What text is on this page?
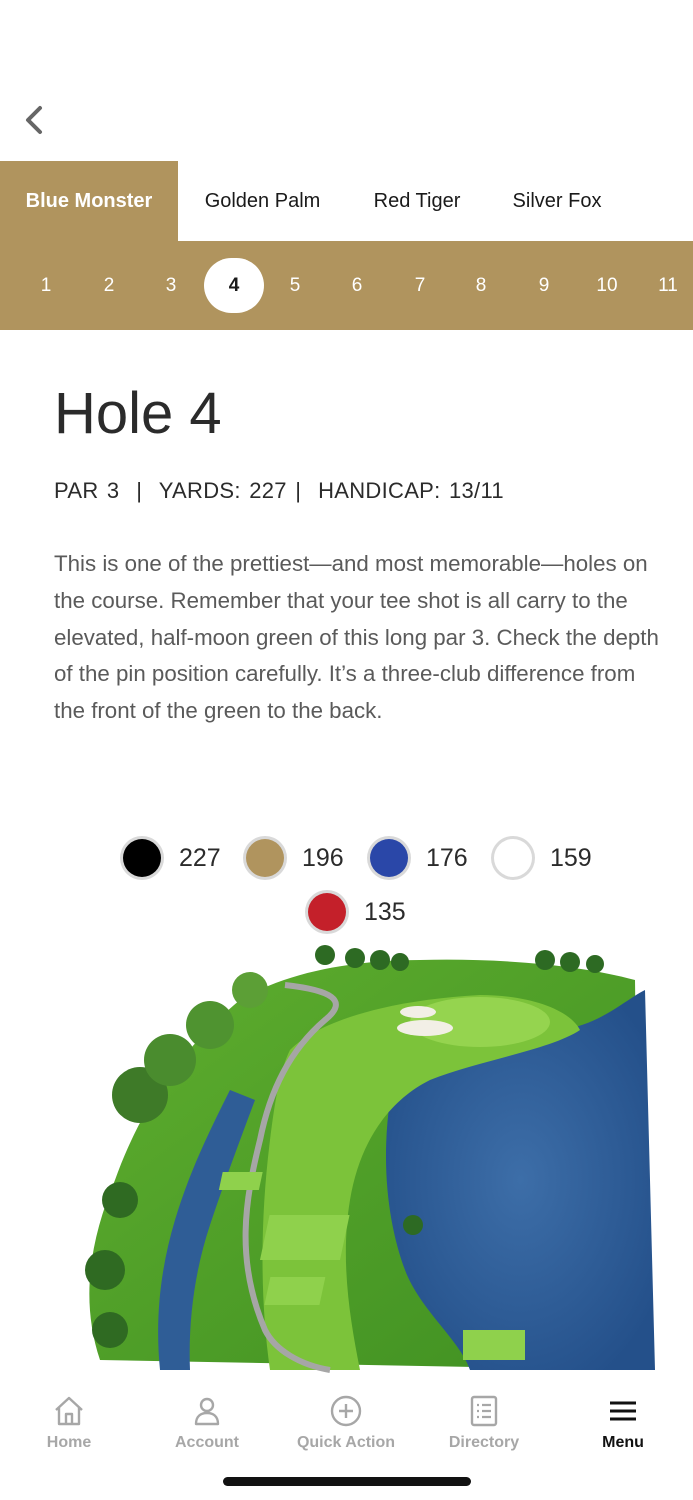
Blue Monster	Golden Palm	Red Tiger	Silver Fox
1	2	3	4	5	6	7	8	9	10	11
Hole 4
PAR 3  |  YARDS: 227 |  HANDICAP: 13/11

This is one of the prettiest—and most memorable—holes on the course. Remember that your tee shot is all carry to the elevated, half-moon green of this long par 3. Check the depth of the pin position carefully. It’s a three-club difference from the front of the green to the back.

227	196	176	159
135
Home	Account	Quick Action	Directory	Menu
